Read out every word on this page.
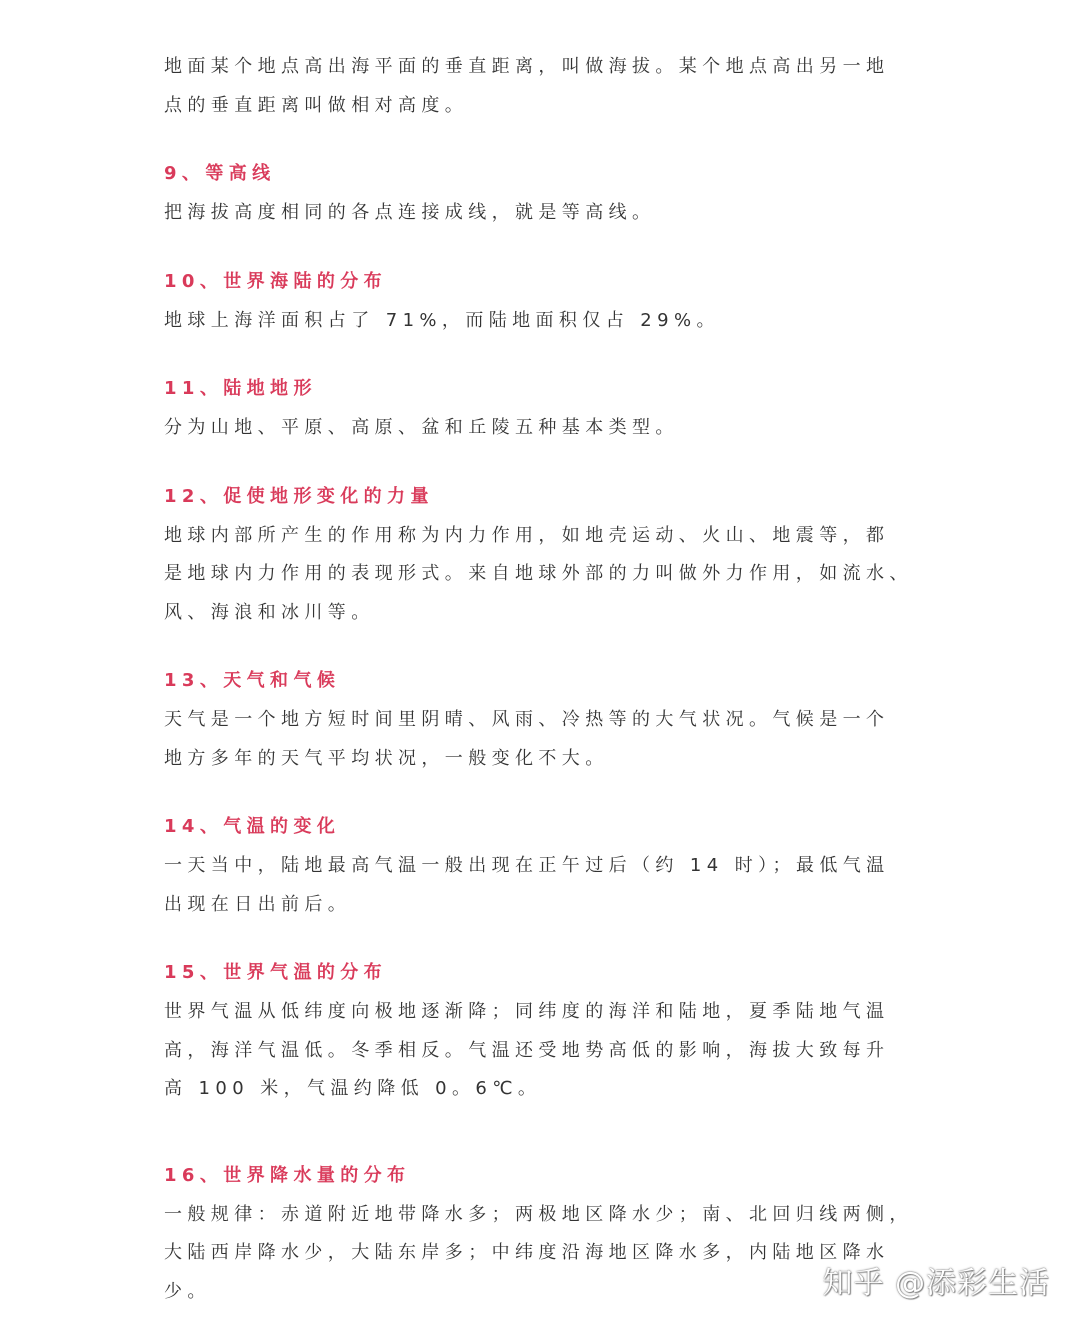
地面某个地点高出海平面的垂直距离，叫做海拔。某个地点高出另一地

点的垂直距离叫做相对高度。

9、等高线

把海拔高度相同的各点连接成线，就是等高线。

10、世界海陆的分布

地球上海洋面积占了 71%，而陆地面积仅占 29%。

11、陆地地形

分为山地、平原、高原、盆和丘陵五种基本类型。

12、促使地形变化的力量

地球内部所产生的作用称为内力作用，如地壳运动、火山、地震等，都

是地球内力作用的表现形式。来自地球外部的力叫做外力作用，如流水、

风、海浪和冰川等。

13、天气和气候

天气是一个地方短时间里阴晴、风雨、冷热等的大气状况。气候是一个

地方多年的天气平均状况，一般变化不大。

14、气温的变化

一天当中，陆地最高气温一般出现在正午过后（约 14 时）；最低气温

出现在日出前后。

15、世界气温的分布

世界气温从低纬度向极地逐渐降；同纬度的海洋和陆地，夏季陆地气温

高，海洋气温低。冬季相反。气温还受地势高低的影响，海拔大致每升

高 100 米，气温约降低 0。6℃。

16、世界降水量的分布

一般规律：赤道附近地带降水多；两极地区降水少；南、北回归线两侧，

大陆西岸降水少，大陆东岸多；中纬度沿海地区降水多，内陆地区降水

少。	知乎 @添彩生活
